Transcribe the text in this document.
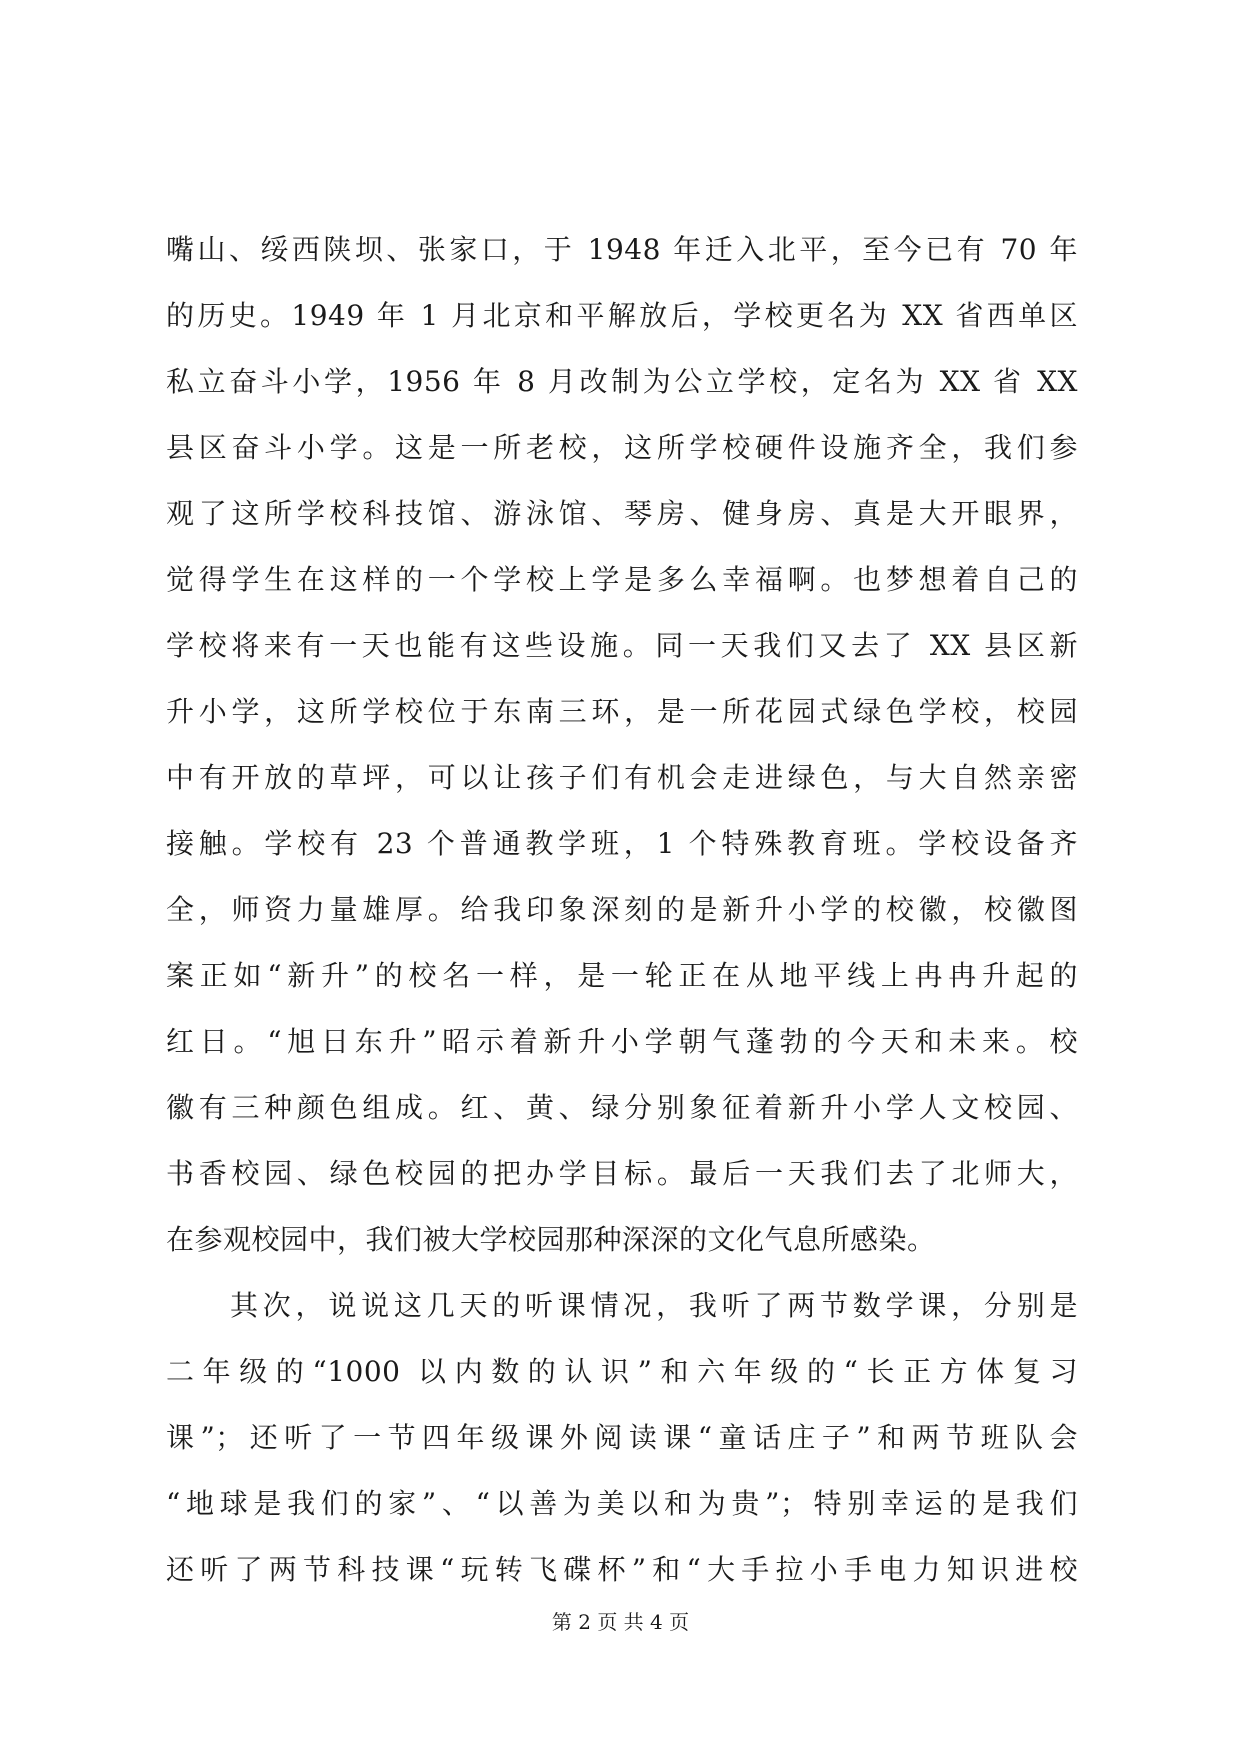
嘴山、绥西陕坝、张家口，于 1948 年迁入北平，至今已有 70 年
的历史。1949 年 1 月北京和平解放后，学校更名为 XX 省西单区
私立奋斗小学，1956 年 8 月改制为公立学校，定名为 XX 省 XX
县区奋斗小学。这是一所老校，这所学校硬件设施齐全，我们参
观了这所学校科技馆、游泳馆、琴房、健身房、真是大开眼界，
觉得学生在这样的一个学校上学是多么幸福啊。也梦想着自己的
学校将来有一天也能有这些设施。同一天我们又去了 XX 县区新
升小学，这所学校位于东南三环，是一所花园式绿色学校，校园
中有开放的草坪，可以让孩子们有机会走进绿色，与大自然亲密
接触。学校有 23 个普通教学班，1 个特殊教育班。学校设备齐
全，师资力量雄厚。给我印象深刻的是新升小学的校徽，校徽图
案正如“新升”的校名一样，是一轮正在从地平线上冉冉升起的
红日。“旭日东升”昭示着新升小学朝气蓬勃的今天和未来。校
徽有三种颜色组成。红、黄、绿分别象征着新升小学人文校园、
书香校园、绿色校园的把办学目标。最后一天我们去了北师大，
在参观校园中，我们被大学校园那种深深的文化气息所感染。
其次，说说这几天的听课情况，我听了两节数学课，分别是
二年级的“1000 以内数的认识”和六年级的“长正方体复习
课”；还听了一节四年级课外阅读课“童话庄子”和两节班队会
“地球是我们的家”、“以善为美以和为贵”；特别幸运的是我们
还听了两节科技课“玩转飞碟杯”和“大手拉小手电力知识进校
第 2 页 共 4 页
